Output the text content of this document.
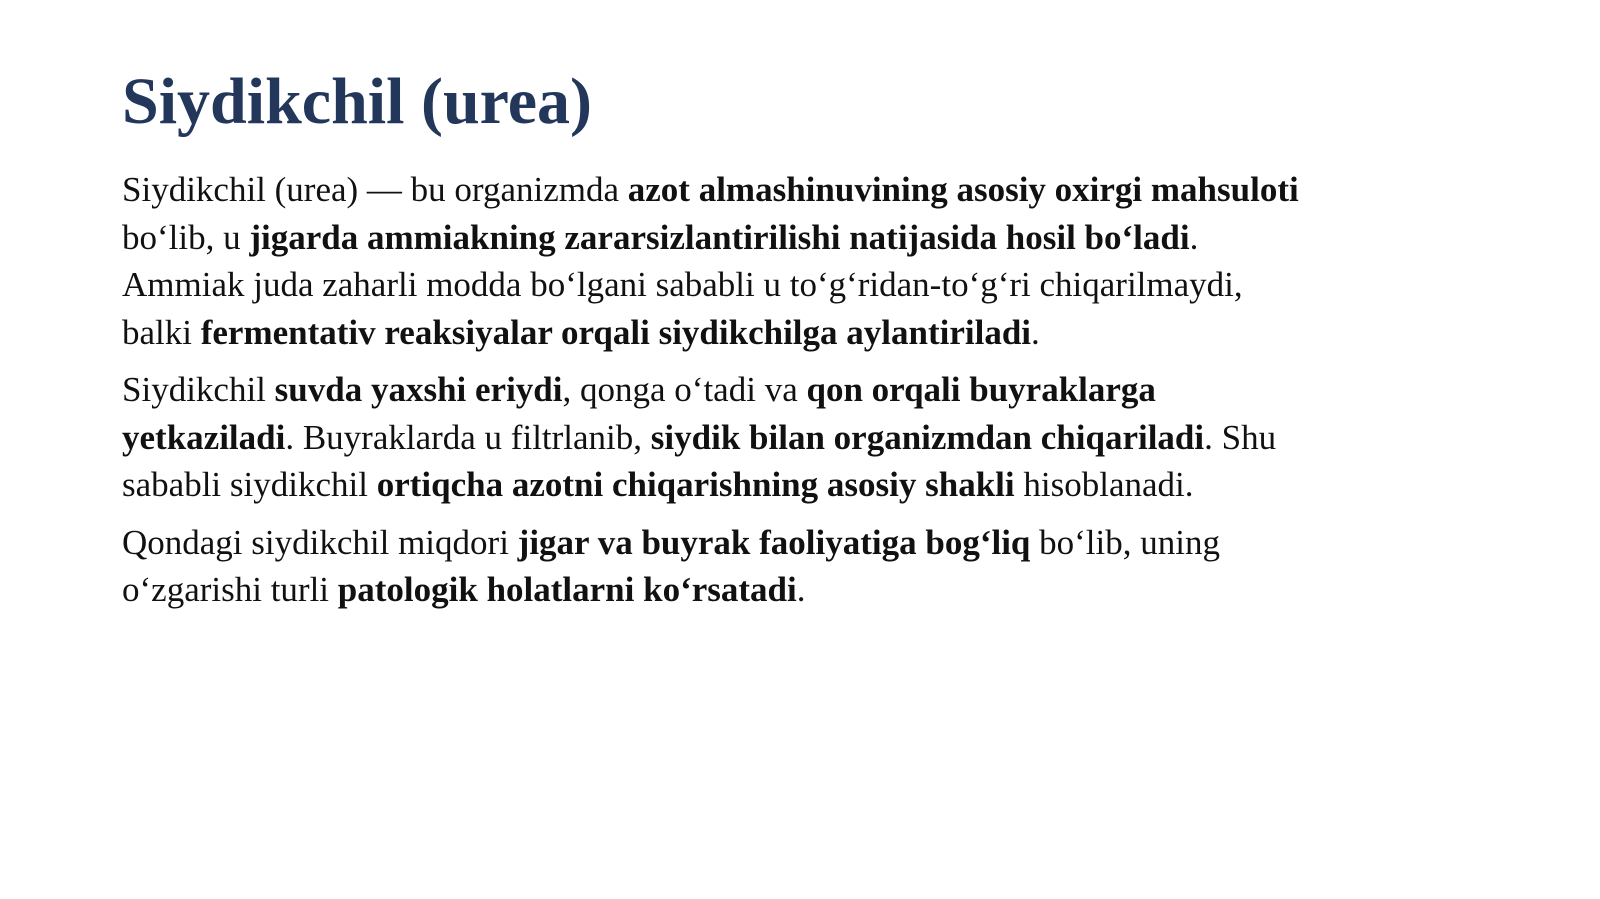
Siydikchil (urea)

Siydikchil (urea) — bu organizmda azot almashinuvining asosiy oxirgi mahsuloti
bo‘lib, u jigarda ammiakning zararsizlantirilishi natijasida hosil bo‘ladi.
Ammiak juda zaharli modda bo‘lgani sababli u to‘g‘ridan-to‘g‘ri chiqarilmaydi,
balki fermentativ reaksiyalar orqali siydikchilga aylantiriladi.

Siydikchil suvda yaxshi eriydi, qonga o‘tadi va qon orqali buyraklarga
yetkaziladi. Buyraklarda u filtrlanib, siydik bilan organizmdan chiqariladi. Shu
sababli siydikchil ortiqcha azotni chiqarishning asosiy shakli hisoblanadi.

Qondagi siydikchil miqdori jigar va buyrak faoliyatiga bog‘liq bo‘lib, uning
o‘zgarishi turli patologik holatlarni ko‘rsatadi.
